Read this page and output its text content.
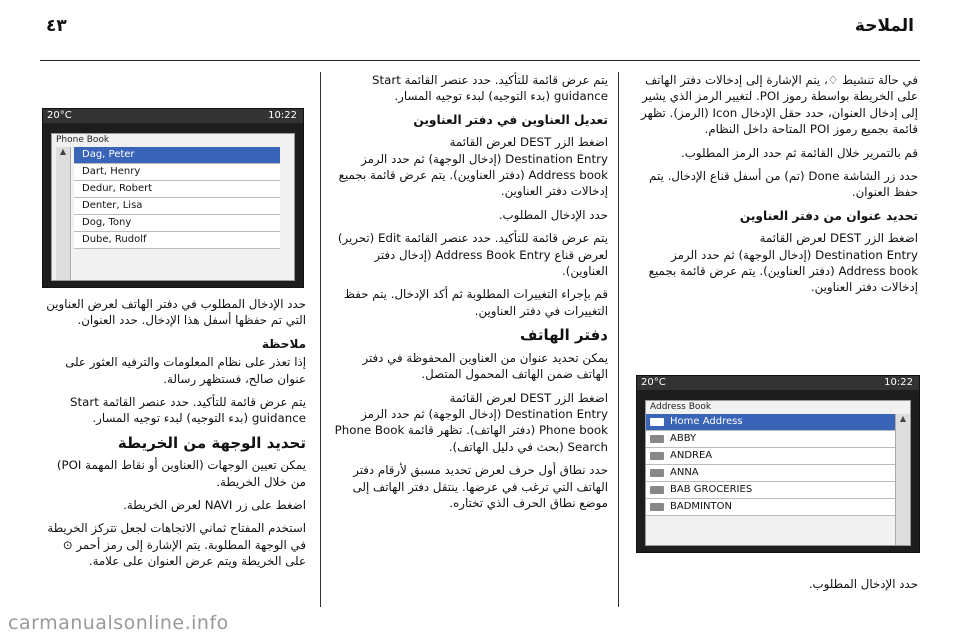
٤٣	الملاحة

في حالة تنشيط ♢، يتم الإشارة إلى إدخالات دفتر الهاتف على الخريطة بواسطة رموز POI. لتغيير الرمز الذي يشير إلى إدخال العنوان، حدد حقل الإدخال Icon (الرمز). تظهر قائمة بجميع رموز POI المتاحة داخل النظام.

قم بالتمرير خلال القائمة ثم حدد الرمز المطلوب.

حدد زر الشاشة Done (تم) من أسفل قناع الإدخال. يتم حفظ العنوان.

تحديد عنوان من دفتر العناوين

اضغط الزر DEST لعرض القائمة

Destination Entry (إدخال الوجهة) ثم حدد الرمز Address book (دفتر العناوين). يتم عرض قائمة بجميع إدخالات دفتر العناوين.

20°C	10:22
Address Book
Home Address
ABBY
ANDREA
ANNA
BAB GROCERIES
BADMINTON
▲

حدد الإدخال المطلوب.

يتم عرض قائمة للتأكيد. حدد عنصر القائمة Start guidance (بدء التوجيه) لبدء توجيه المسار.

تعديل العناوين في دفتر العناوين

اضغط الزر DEST لعرض القائمة

Destination Entry (إدخال الوجهة) ثم حدد الرمز Address book (دفتر العناوين). يتم عرض قائمة بجميع إدخالات دفتر العناوين.

حدد الإدخال المطلوب.

يتم عرض قائمة للتأكيد. حدد عنصر القائمة Edit (تحرير) لعرض قناع Address Book Entry (إدخال دفتر العناوين).

قم بإجراء التغييرات المطلوبة ثم أكد الإدخال. يتم حفظ التغييرات في دفتر العناوين.

دفتر الهاتف

يمكن تحديد عنوان من العناوين المحفوظة في دفتر الهاتف ضمن الهاتف المحمول المتصل.

اضغط الزر DEST لعرض القائمة

Destination Entry (إدخال الوجهة) ثم حدد الرمز Phone book (دفتر الهاتف). تظهر قائمة Phone Book Search (بحث في دليل الهاتف).

حدد نطاق أول حرف لعرض تحديد مسبق لأرقام دفتر الهاتف التي ترغب في عرضها. ينتقل دفتر الهاتف إلى موضع نطاق الحرف الذي تختاره.

20°C	10:22
Phone Book
Dag, Peter
Dart, Henry
Dedur, Robert
Denter, Lisa
Dog, Tony
Dube, Rudolf
▲

حدد الإدخال المطلوب في دفتر الهاتف لعرض العناوين التي تم حفظها أسفل هذا الإدخال. حدد العنوان.

ملاحظة

إذا تعذر على نظام المعلومات والترفيه العثور على عنوان صالح، فستظهر رسالة.

يتم عرض قائمة للتأكيد. حدد عنصر القائمة Start guidance (بدء التوجيه) لبدء توجيه المسار.

تحديد الوجهة من الخريطة

يمكن تعيين الوجهات (العناوين أو نقاط المهمة POI) من خلال الخريطة.

اضغط على زر NAVI لعرض الخريطة.

استخدم المفتاح ثماني الاتجاهات لجعل تتركز الخريطة في الوجهة المطلوبة. يتم الإشارة إلى رمز أحمر ⊙ على الخريطة ويتم عرض العنوان على علامة.

carmanualsonline.info
